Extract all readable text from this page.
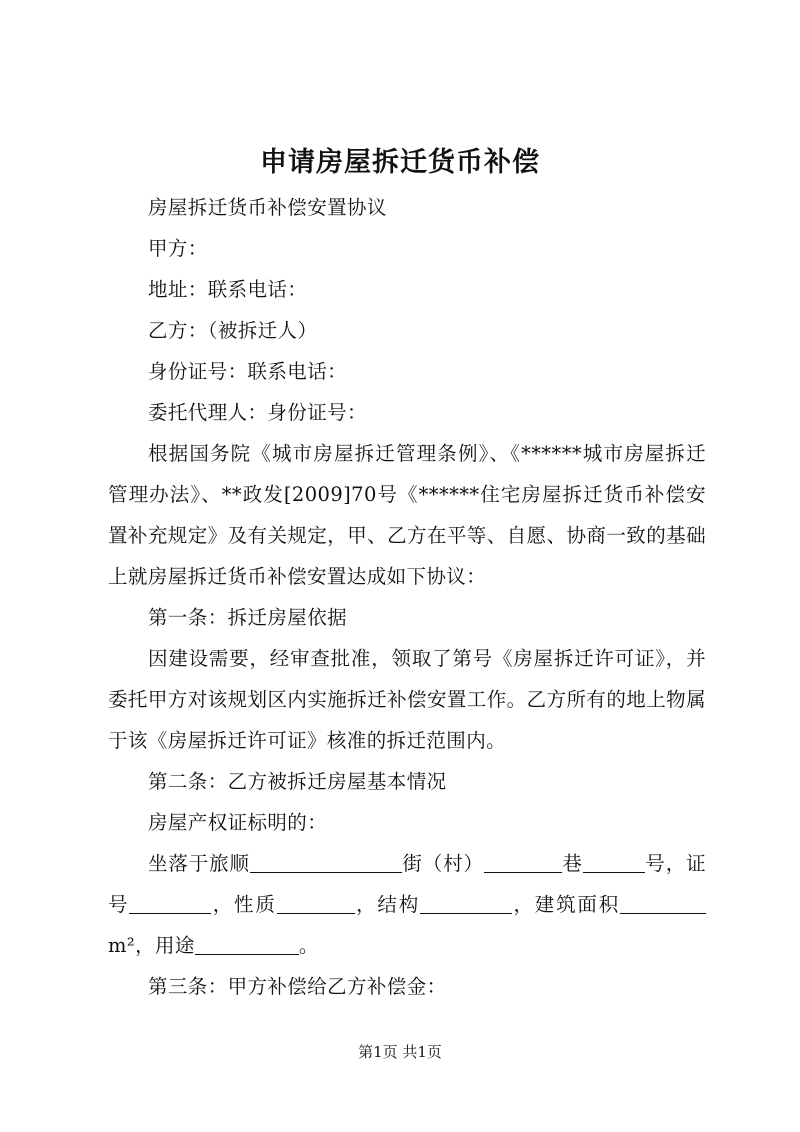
申请房屋拆迁货币补偿

房屋拆迁货币补偿安置协议

甲方：

地址：联系电话：

乙方：（被拆迁人）

身份证号：联系电话：

委托代理人：身份证号：

根据国务院《城市房屋拆迁管理条例》、《******城市房屋拆迁管理办法》、**政发[2009]70号《******住宅房屋拆迁货币补偿安置补充规定》及有关规定，甲、乙方在平等、自愿、协商一致的基础上就房屋拆迁货币补偿安置达成如下协议：

第一条：拆迁房屋依据

因建设需要，经审查批准，领取了第号《房屋拆迁许可证》，并委托甲方对该规划区内实施拆迁补偿安置工作。乙方所有的地上物属于该《房屋拆迁许可证》核准的拆迁范围内。

第二条：乙方被拆迁房屋基本情况

房屋产权证标明的：

坐落于旅顺	街（村）	巷	号，证号	，性质	，结构	，建筑面积m²，用途	。

第三条：甲方补偿给乙方补偿金：

第1页 共1页
